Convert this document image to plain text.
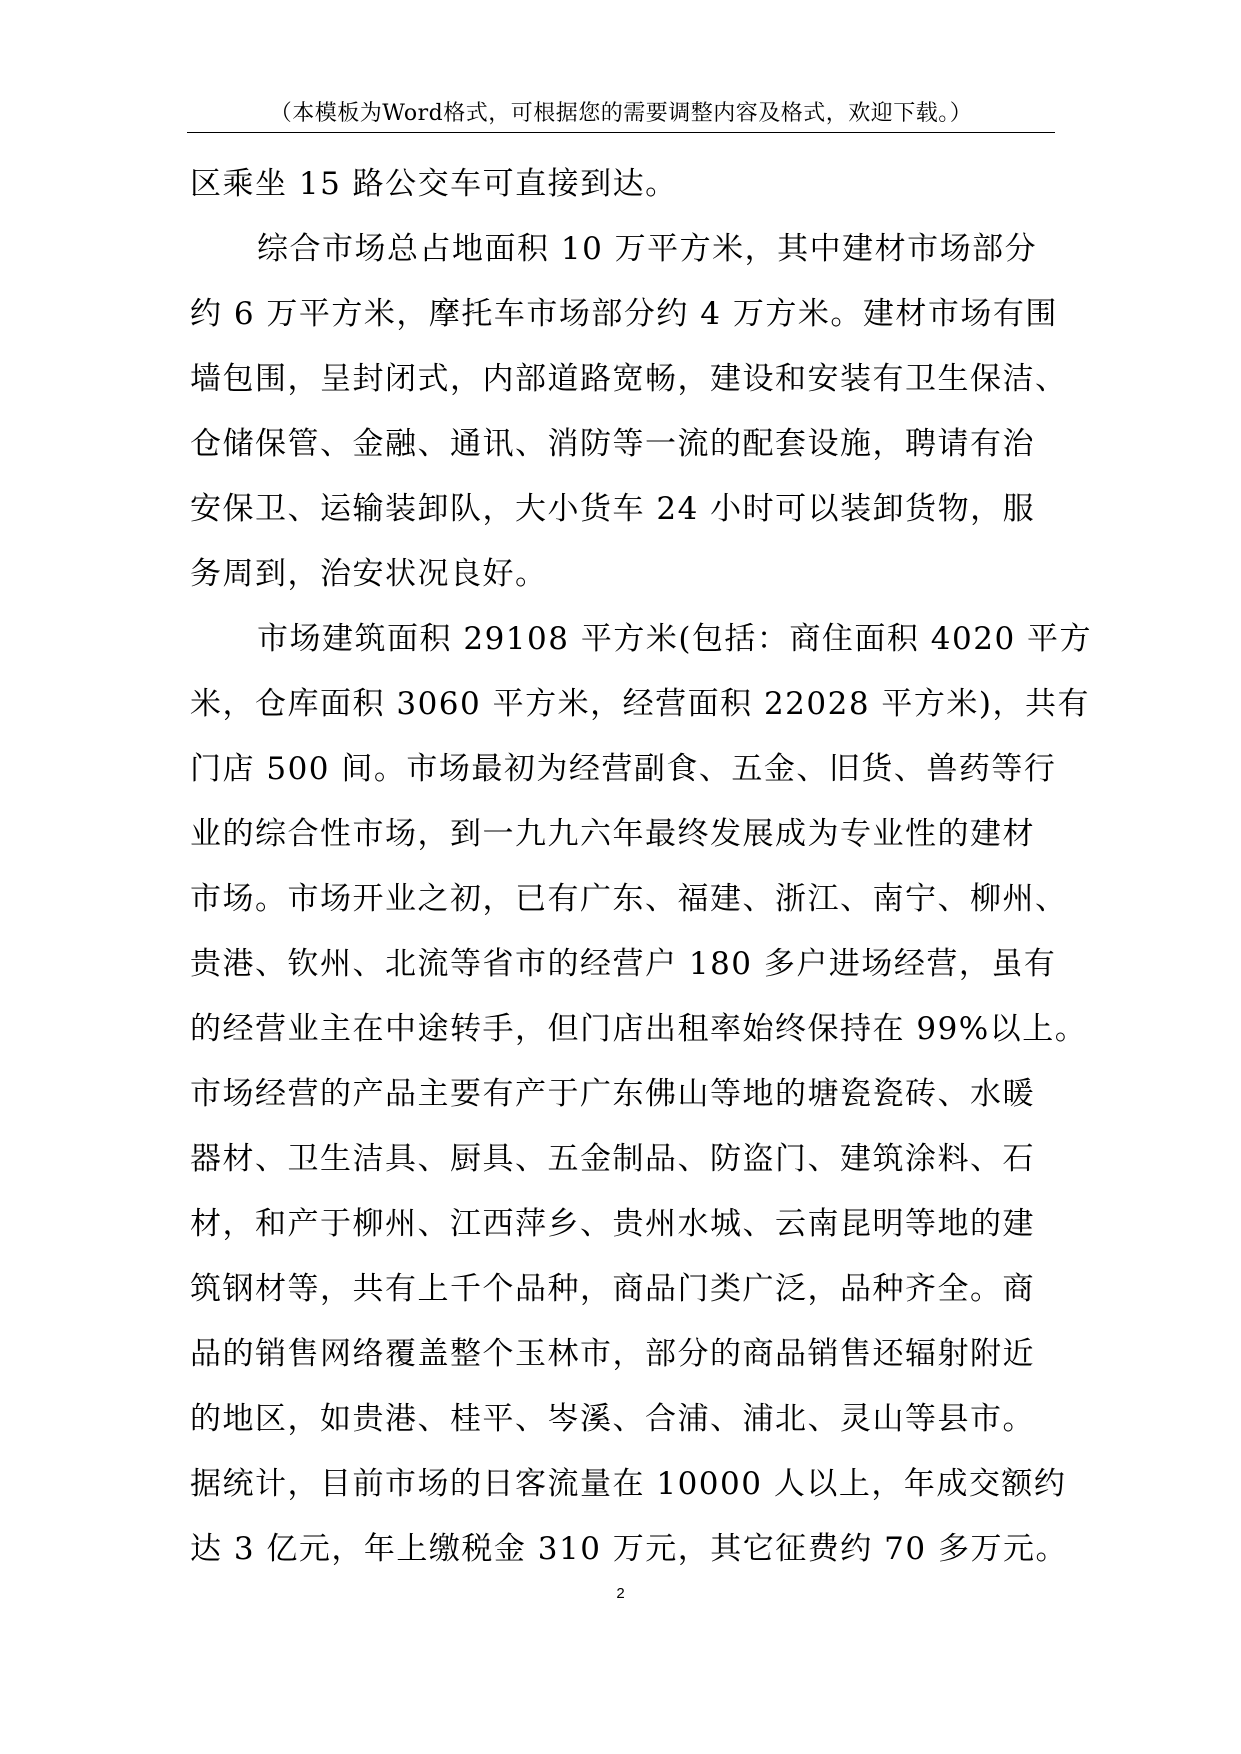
（本模板为Word格式，可根据您的需要调整内容及格式，欢迎下载。）
区乘坐 15 路公交车可直接到达。
综合市场总占地面积 10 万平方米，其中建材市场部分
约 6 万平方米，摩托车市场部分约 4 万方米。建材市场有围
墙包围，呈封闭式，内部道路宽畅，建设和安装有卫生保洁、
仓储保管、金融、通讯、消防等一流的配套设施，聘请有治
安保卫、运输装卸队，大小货车 24 小时可以装卸货物，服
务周到，治安状况良好。
市场建筑面积 29108 平方米(包括：商住面积 4020 平方
米，仓库面积 3060 平方米，经营面积 22028 平方米)，共有
门店 500 间。市场最初为经营副食、五金、旧货、兽药等行
业的综合性市场，到一九九六年最终发展成为专业性的建材
市场。市场开业之初，已有广东、福建、浙江、南宁、柳州、
贵港、钦州、北流等省市的经营户 180 多户进场经营，虽有
的经营业主在中途转手，但门店出租率始终保持在 99%以上。
市场经营的产品主要有产于广东佛山等地的塘瓷瓷砖、水暖
器材、卫生洁具、厨具、五金制品、防盗门、建筑涂料、石
材，和产于柳州、江西萍乡、贵州水城、云南昆明等地的建
筑钢材等，共有上千个品种，商品门类广泛，品种齐全。商
品的销售网络覆盖整个玉林市，部分的商品销售还辐射附近
的地区，如贵港、桂平、岑溪、合浦、浦北、灵山等县市。
据统计，目前市场的日客流量在 10000 人以上，年成交额约
达 3 亿元，年上缴税金 310 万元，其它征费约 70 多万元。
2
